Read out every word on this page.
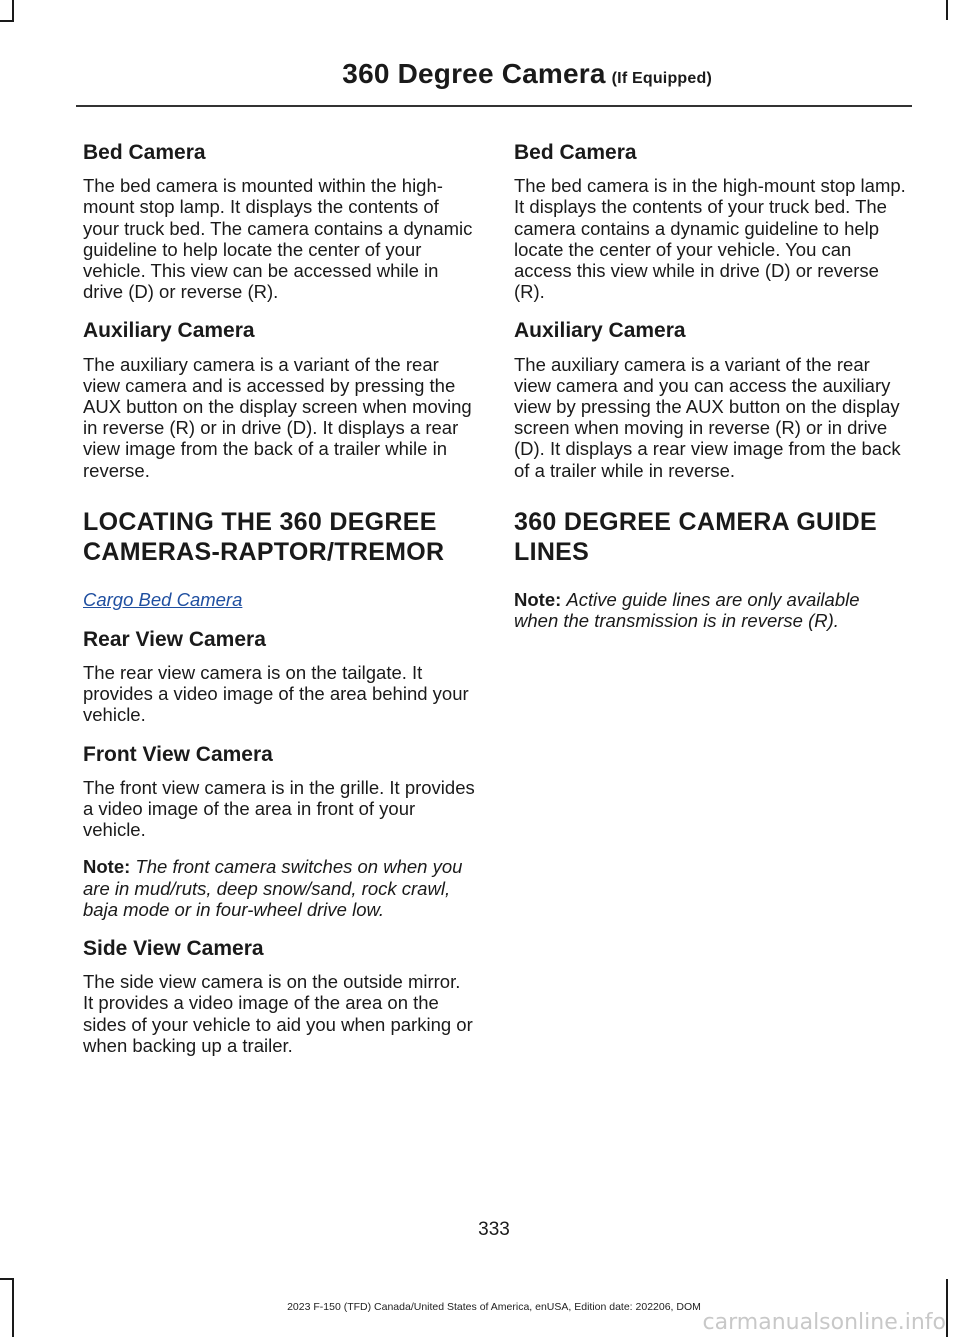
360 Degree Camera (If Equipped)
Bed Camera

The bed camera is mounted within the high-mount stop lamp. It displays the contents of your truck bed. The camera contains a dynamic guideline to help locate the center of your vehicle. This view can be accessed while in drive (D) or reverse (R).

Auxiliary Camera

The auxiliary camera is a variant of the rear view camera and is accessed by pressing the AUX button on the display screen when moving in reverse (R) or in drive (D). It displays a rear view image from the back of a trailer while in reverse.

LOCATING THE 360 DEGREE CAMERAS-RAPTOR/TREMOR
Cargo Bed Camera
Rear View Camera

The rear view camera is on the tailgate. It provides a video image of the area behind your vehicle.

Front View Camera

The front view camera is in the grille. It provides a video image of the area in front of your vehicle.

Note: The front camera switches on when you are in mud/ruts, deep snow/sand, rock crawl, baja mode or in four-wheel drive low.

Side View Camera

The side view camera is on the outside mirror. It provides a video image of the area on the sides of your vehicle to aid you when parking or when backing up a trailer.

Bed Camera

The bed camera is in the high-mount stop lamp. It displays the contents of your truck bed. The camera contains a dynamic guideline to help locate the center of your vehicle. You can access this view while in drive (D) or reverse (R).

Auxiliary Camera

The auxiliary camera is a variant of the rear view camera and you can access the auxiliary view by pressing the AUX button on the display screen when moving in reverse (R) or in drive (D). It displays a rear view image from the back of a trailer while in reverse.

360 DEGREE CAMERA GUIDE LINES

Note: Active guide lines are only available when the transmission is in reverse (R).

333
2023 F-150 (TFD) Canada/United States of America, enUSA, Edition date: 202206, DOM
carmanualsonline.info
